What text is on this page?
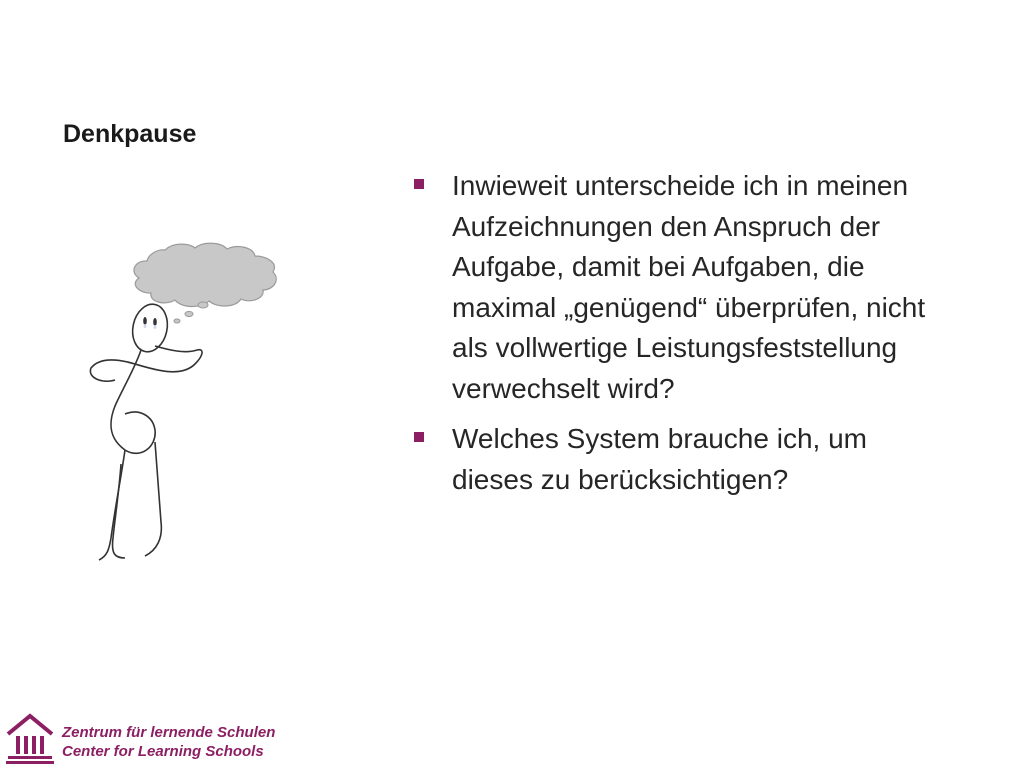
Denkpause
Inwieweit unterscheide ich in meinen Aufzeichnungen den Anspruch der Aufgabe, damit bei Aufgaben, die maximal „genügend“ überprüfen, nicht als vollwertige Leistungsfeststellung verwechselt wird?
Welches System brauche ich, um dieses zu berücksichtigen?
Zentrum für lernende Schulen
Center for Learning Schools
